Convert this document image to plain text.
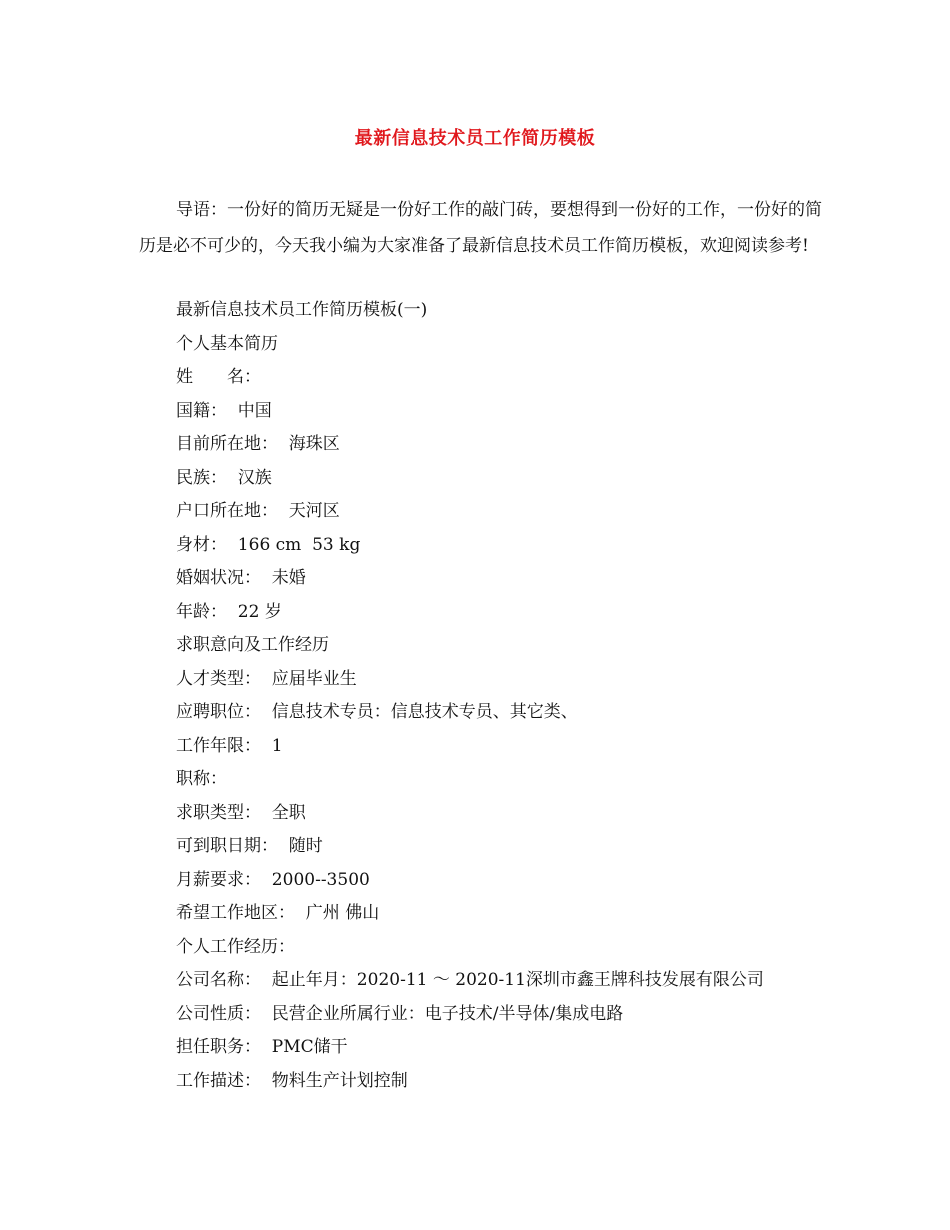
最新信息技术员工作简历模板
导语：一份好的简历无疑是一份好工作的敲门砖，要想得到一份好的工作，一份好的简历是必不可少的，今天我小编为大家准备了最新信息技术员工作简历模板，欢迎阅读参考!
最新信息技术员工作简历模板(一)
个人基本简历
姓　　名：
国籍：  中国
目前所在地：  海珠区
民族：  汉族
户口所在地：  天河区
身材：  166 cm  53 kg
婚姻状况：  未婚
年龄：  22 岁
求职意向及工作经历
人才类型：  应届毕业生
应聘职位：  信息技术专员：信息技术专员、其它类、
工作年限：  1
职称：
求职类型：  全职
可到职日期：  随时
月薪要求：  2000--3500
希望工作地区：  广州 佛山
个人工作经历：
公司名称：  起止年月：2020-11 ～ 2020-11深圳市鑫王牌科技发展有限公司
公司性质：  民营企业所属行业：电子技术/半导体/集成电路
担任职务：  PMC储干
工作描述：  物料生产计划控制
